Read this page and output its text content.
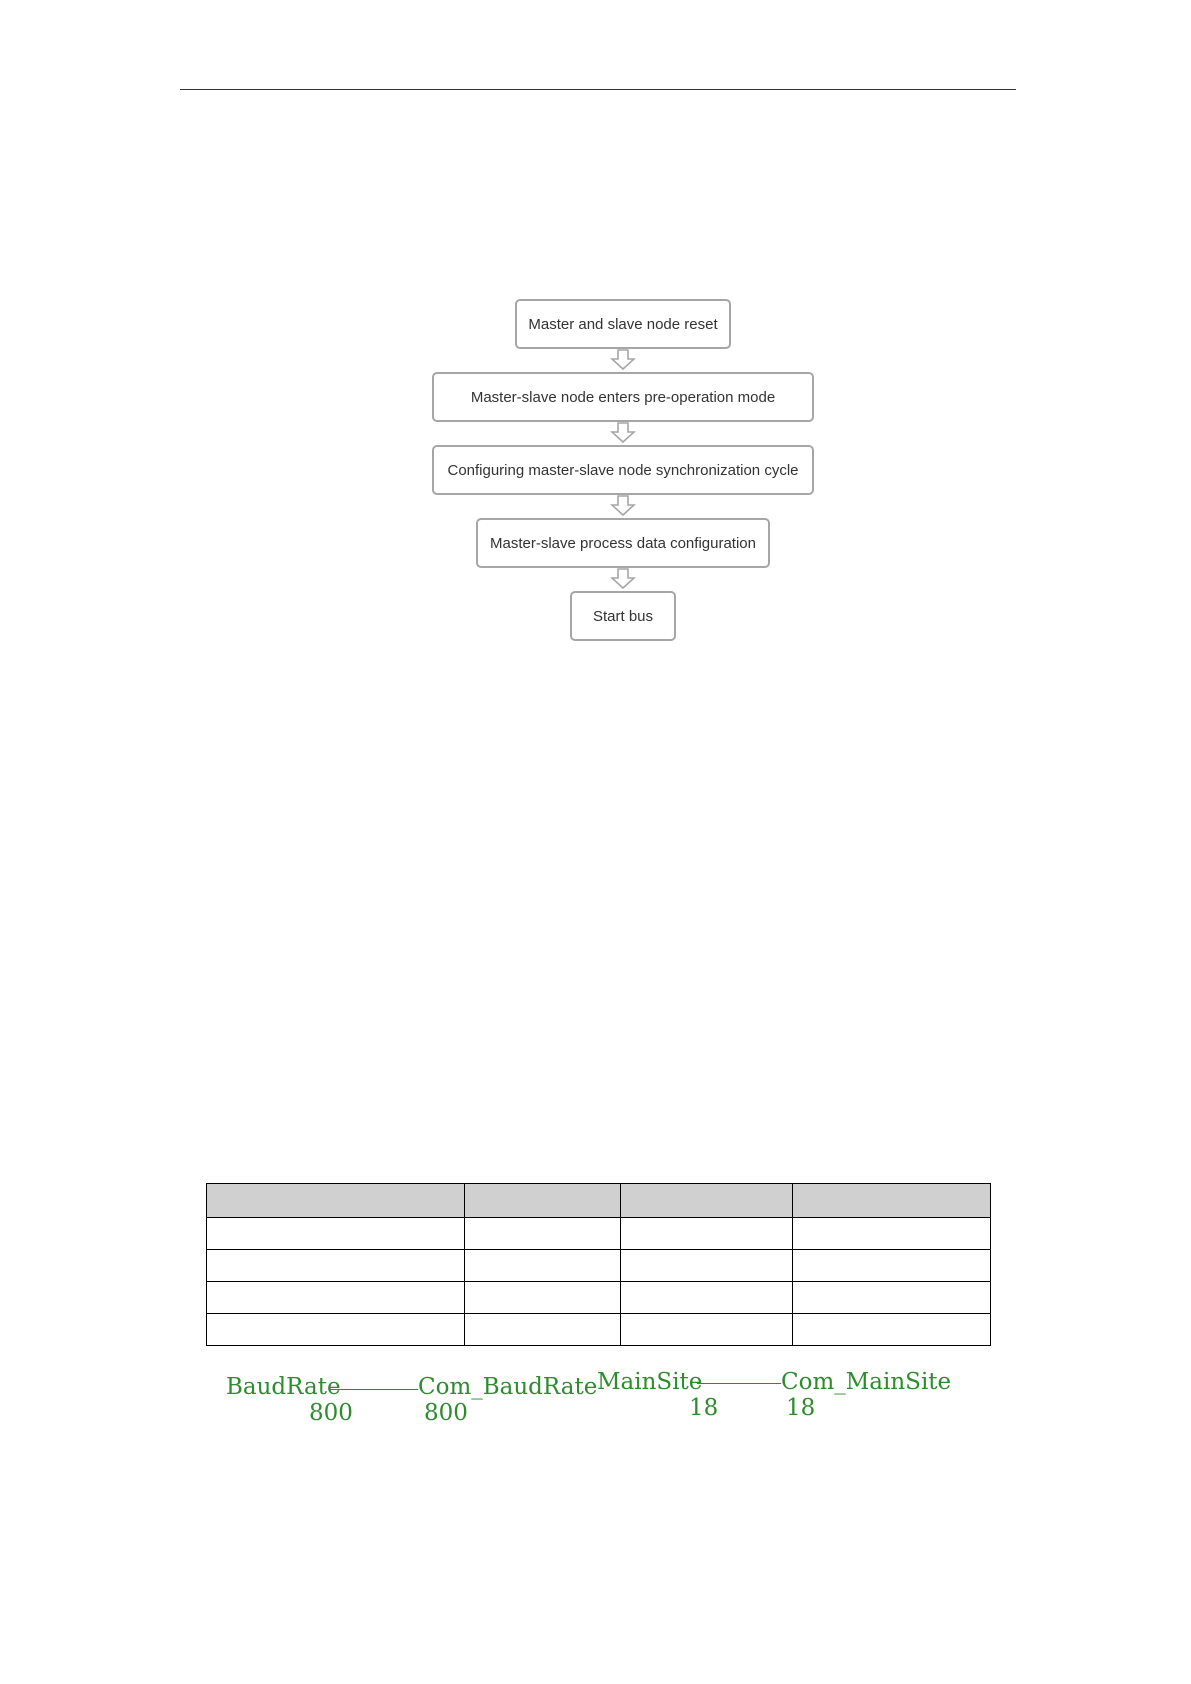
Master and slave node reset
Master-slave node enters pre-operation mode
Configuring master-slave node synchronization cycle
Master-slave process data configuration
Start bus

BaudRate	Com_BaudRate
800	800
MainSite	Com_MainSite
18	18
